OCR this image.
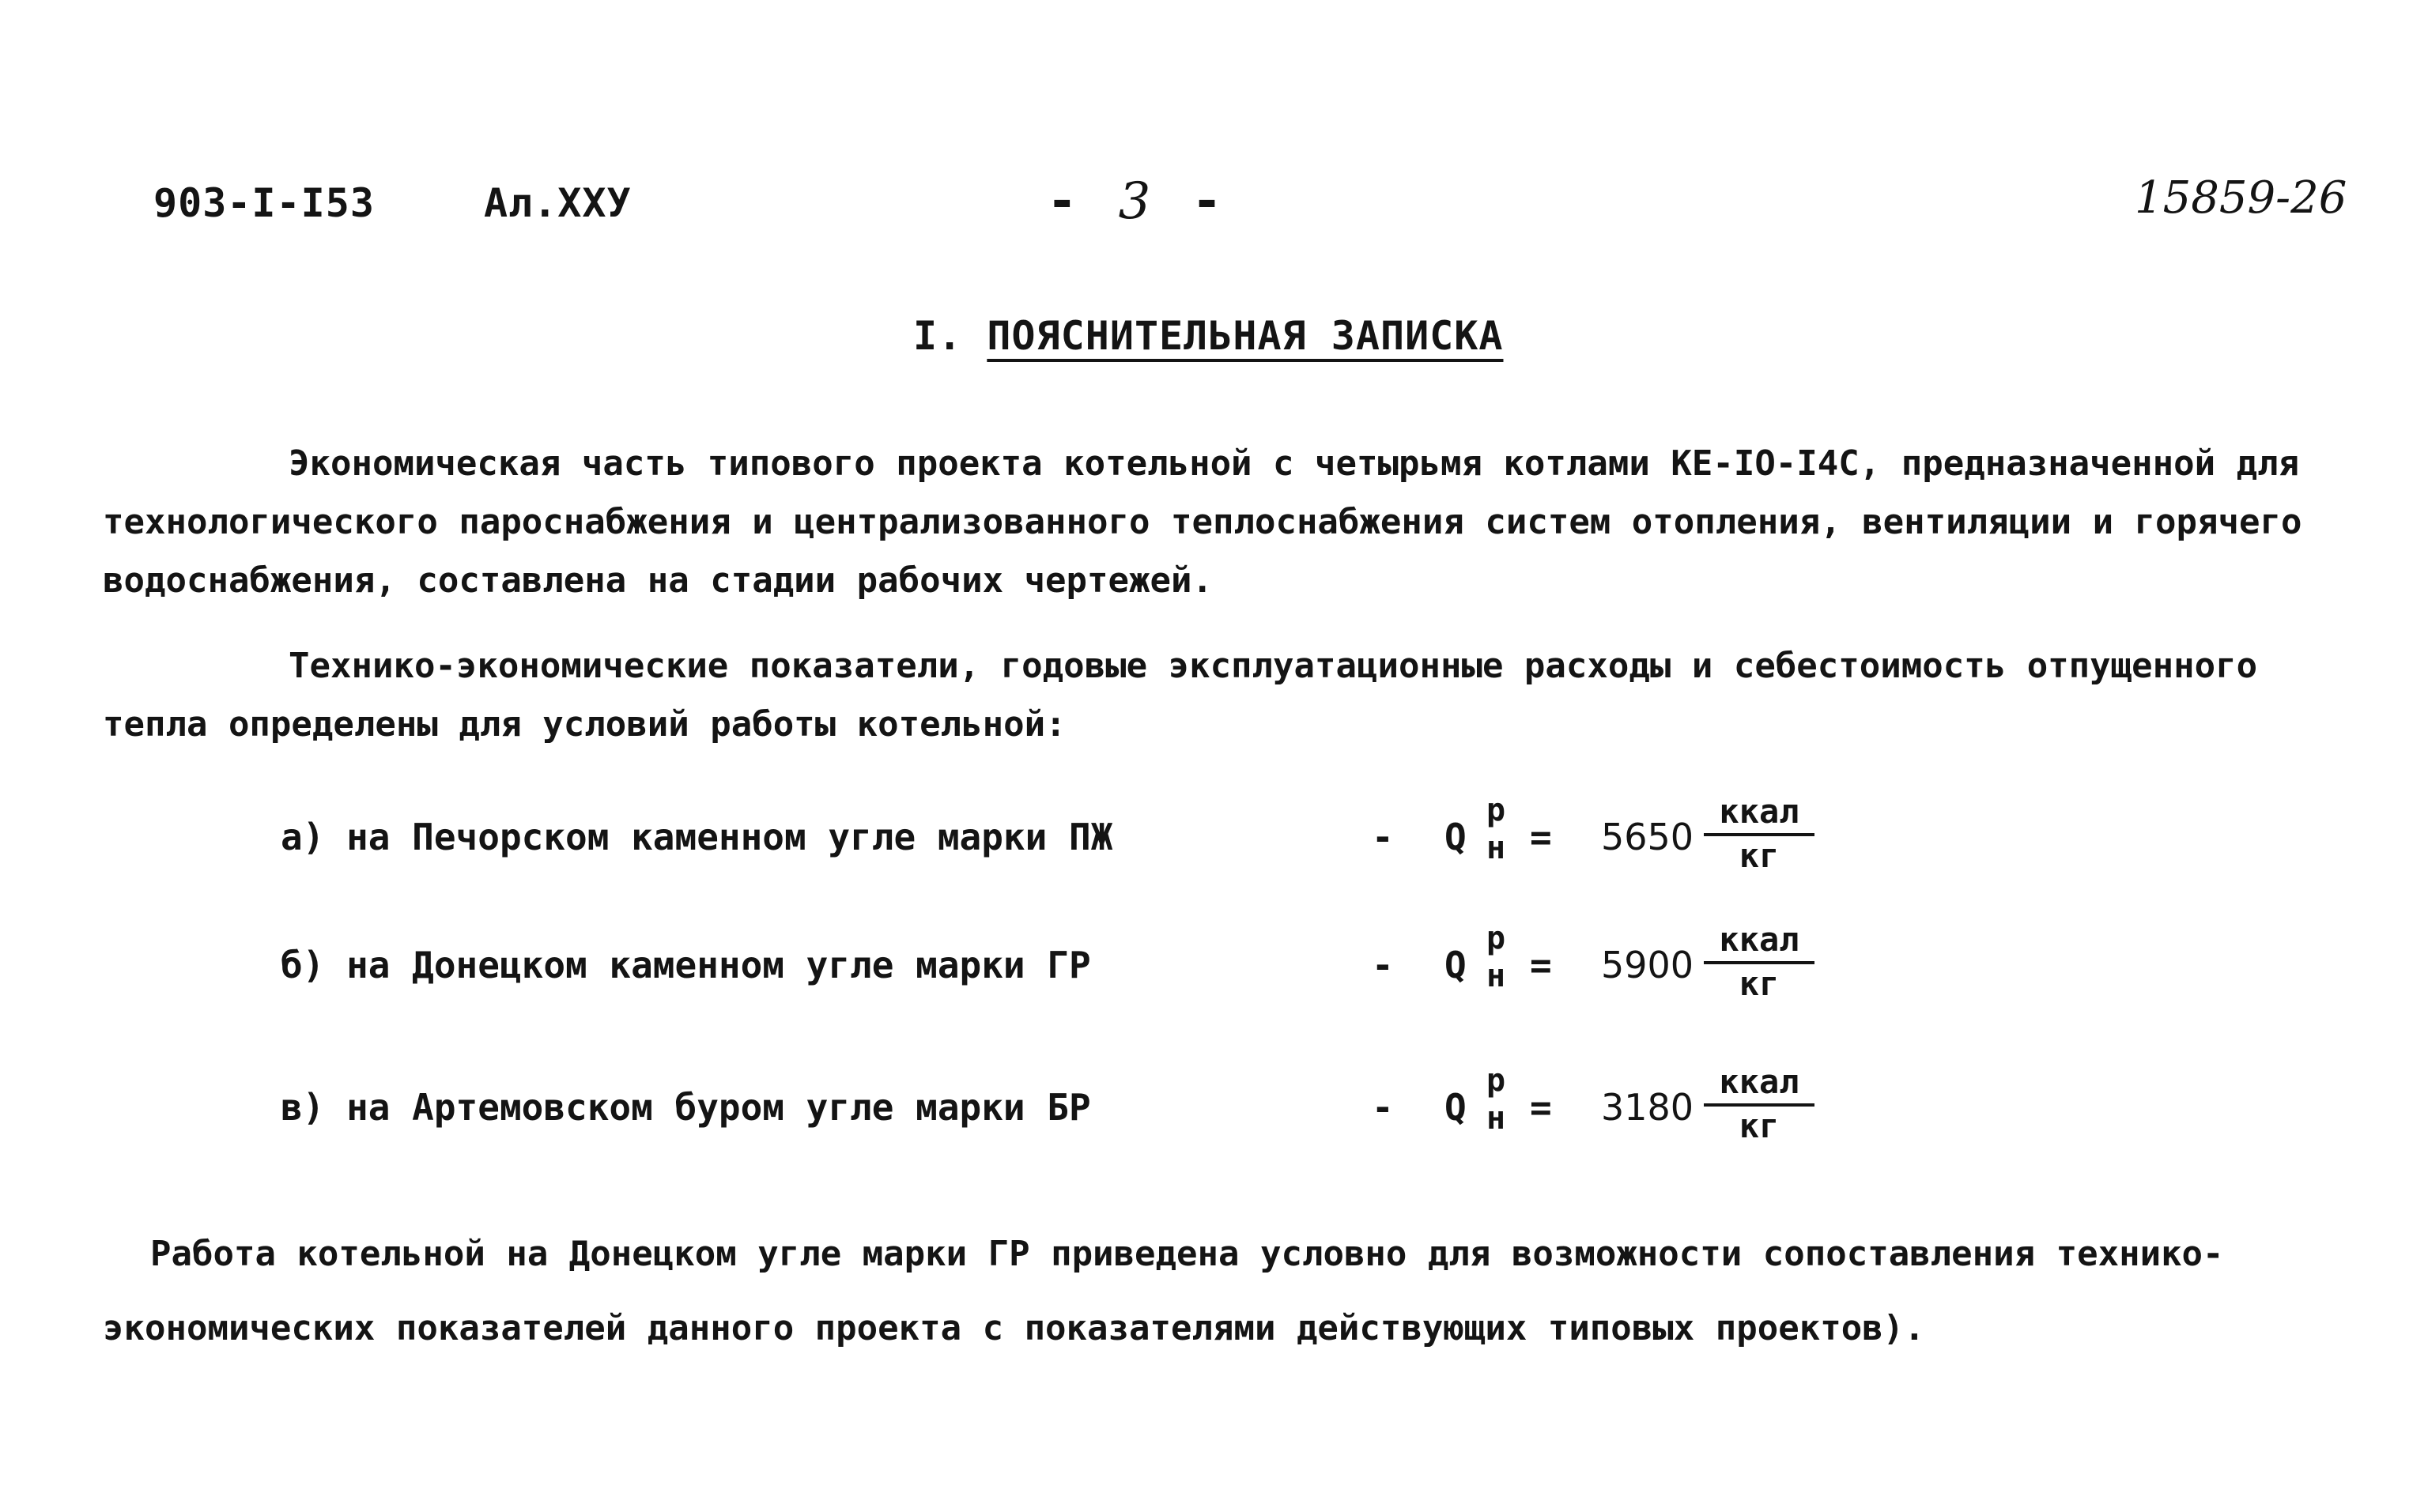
903-I-I53	Ал.ХХУ	- 3 -	15859-26
I. ПОЯСНИТЕЛЬНАЯ ЗАПИСКА

Экономическая часть типового проекта котельной с четырьмя котлами КЕ-IO-I4С, предназначенной для технологического пароснабжения и централизованного теплоснабжения систем отопления, вентиляции и горячего водоснабжения, составлена на стадии рабочих чертежей.

Технико-экономические показатели, годовые эксплуатационные расходы и себестоимость отпущенного тепла определены для условий работы котельной:

а) на Печорском каменном угле марки ПЖ	- Q
р
н = 5650
ккал
кг
б) на Донецком каменном угле марки ГР	- Q
р
н = 5900
ккал
кг
в) на Артемовском буром угле марки БР	- Q
р
н = 3180
ккал
кг

Работа котельной на Донецком угле марки ГР приведена условно для возможности сопоставления технико-экономических показателей данного проекта с показателями действующих типовых проектов).
